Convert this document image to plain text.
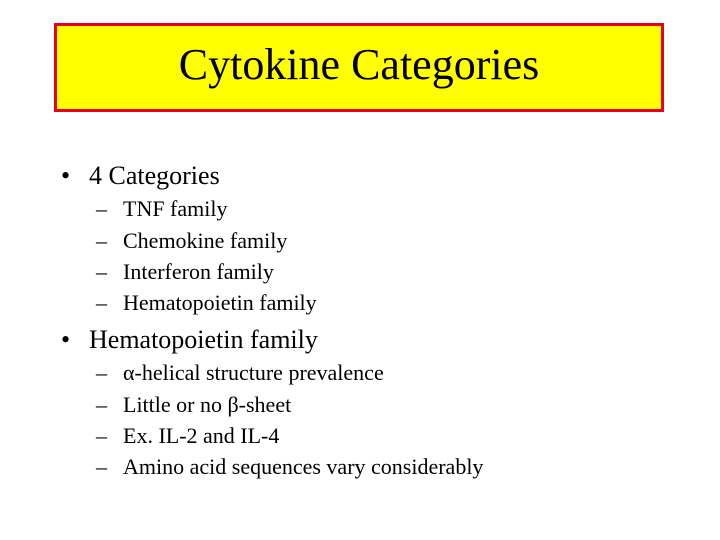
Cytokine Categories
• 4 Categories
– TNF family
– Chemokine family
– Interferon family
– Hematopoietin family
• Hematopoietin family
– α-helical structure prevalence
– Little or no β-sheet
– Ex. IL-2 and IL-4
– Amino acid sequences vary considerably
